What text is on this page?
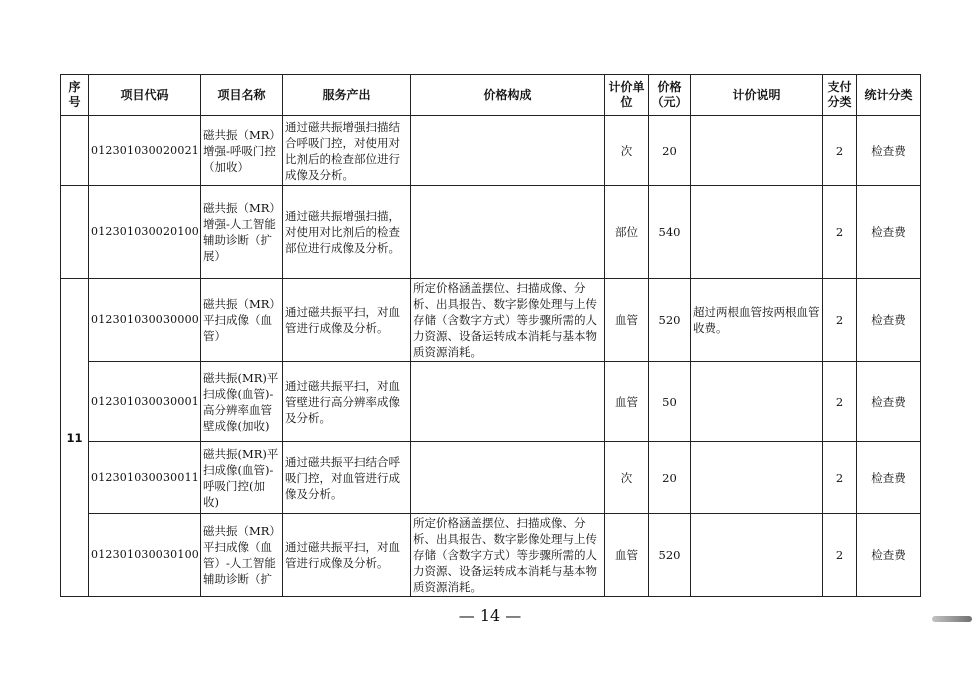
序号	项目代码	项目名称	服务产出	价格构成	计价单位	价格（元）	计价说明	支付分类	统计分类
	012301030020021	磁共振（MR）增强-呼吸门控（加收）	通过磁共振增强扫描结合呼吸门控，对使用对比剂后的检查部位进行成像及分析。		次	20		2	检查费
	012301030020100	磁共振（MR）增强-人工智能辅助诊断（扩展）	通过磁共振增强扫描，对使用对比剂后的检查部位进行成像及分析。		部位	540		2	检查费
11	012301030030000	磁共振（MR）平扫成像（血管）	通过磁共振平扫，对血管进行成像及分析。	所定价格涵盖摆位、扫描成像、分析、出具报告、数字影像处理与上传存储（含数字方式）等步骤所需的人力资源、设备运转成本消耗与基本物质资源消耗。	血管	520	超过两根血管按两根血管收费。	2	检查费
	012301030030001	磁共振(MR)平扫成像(血管)-高分辨率血管壁成像(加收)	通过磁共振平扫，对血管壁进行高分辨率成像及分析。		血管	50		2	检查费
	012301030030011	磁共振(MR)平扫成像(血管)-呼吸门控(加收)	通过磁共振平扫结合呼吸门控，对血管进行成像及分析。		次	20		2	检查费
	012301030030100	磁共振（MR）平扫成像（血管）-人工智能辅助诊断（扩	通过磁共振平扫，对血管进行成像及分析。	所定价格涵盖摆位、扫描成像、分析、出具报告、数字影像处理与上传存储（含数字方式）等步骤所需的人力资源、设备运转成本消耗与基本物质资源消耗。	血管	520		2	检查费
— 14 —
